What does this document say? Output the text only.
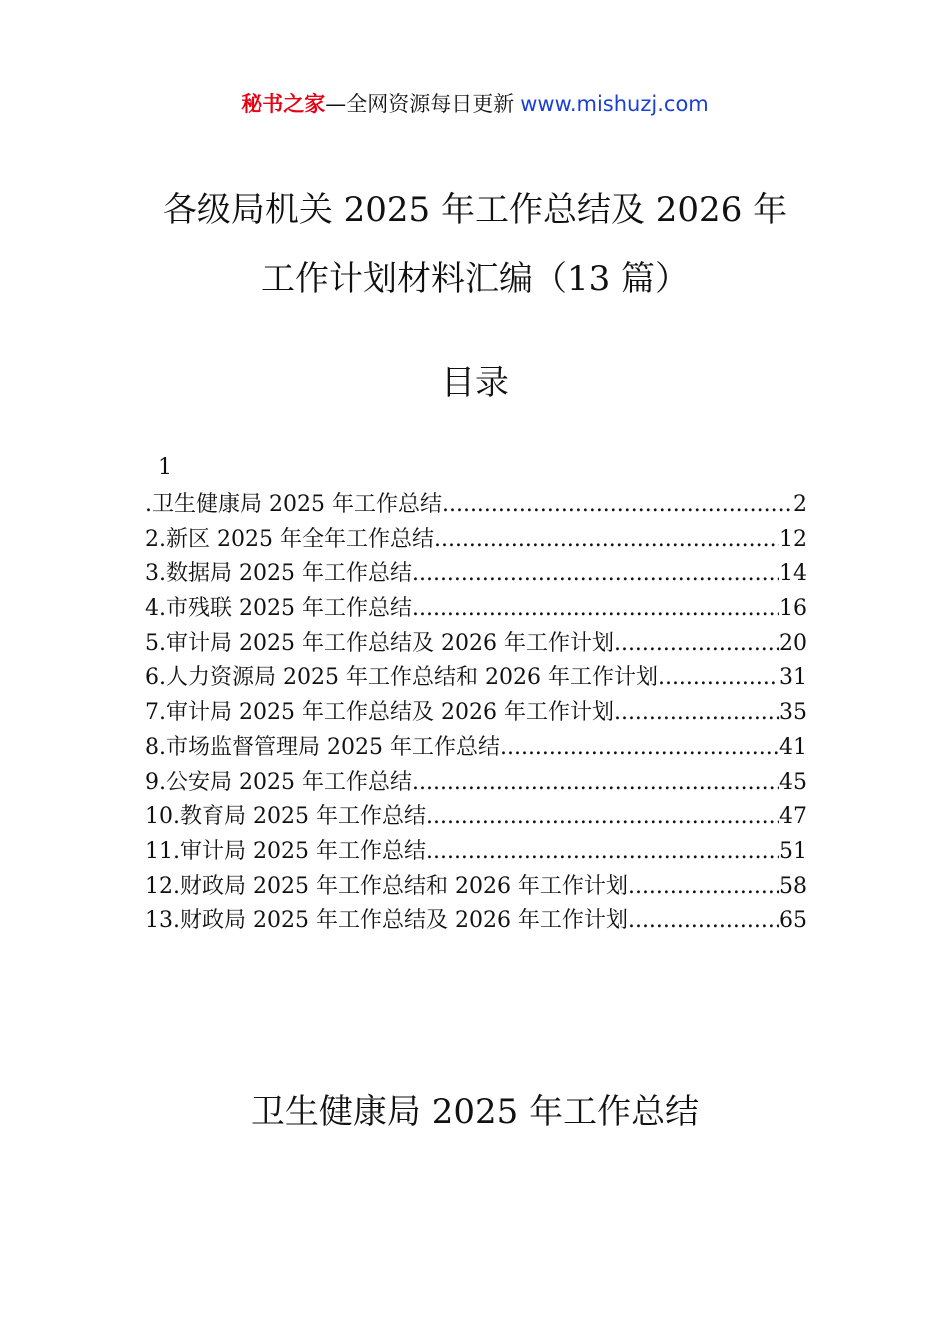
秘书之家—全网资源每日更新 www.mishuzj.com
各级局机关 2025 年工作总结及 2026 年
工作计划材料汇编（13 篇）
目录
1
.卫生健康局 2025 年工作总结 .....	2
2.新区 2025 年全年工作总结 .....	12
3.数据局 2025 年工作总结 .....	14
4.市残联 2025 年工作总结 .....	16
5.审计局 2025 年工作总结及 2026 年工作计划 .....	20
6.人力资源局 2025 年工作总结和 2026 年工作计划 .....	31
7.审计局 2025 年工作总结及 2026 年工作计划 .....	35
8.市场监督管理局 2025 年工作总结 .....	41
9.公安局 2025 年工作总结 .....	45
10.教育局 2025 年工作总结 .....	47
11.审计局 2025 年工作总结 .....	51
12.财政局 2025 年工作总结和 2026 年工作计划 .....	58
13.财政局 2025 年工作总结及 2026 年工作计划 .....	65
卫生健康局 2025 年工作总结
